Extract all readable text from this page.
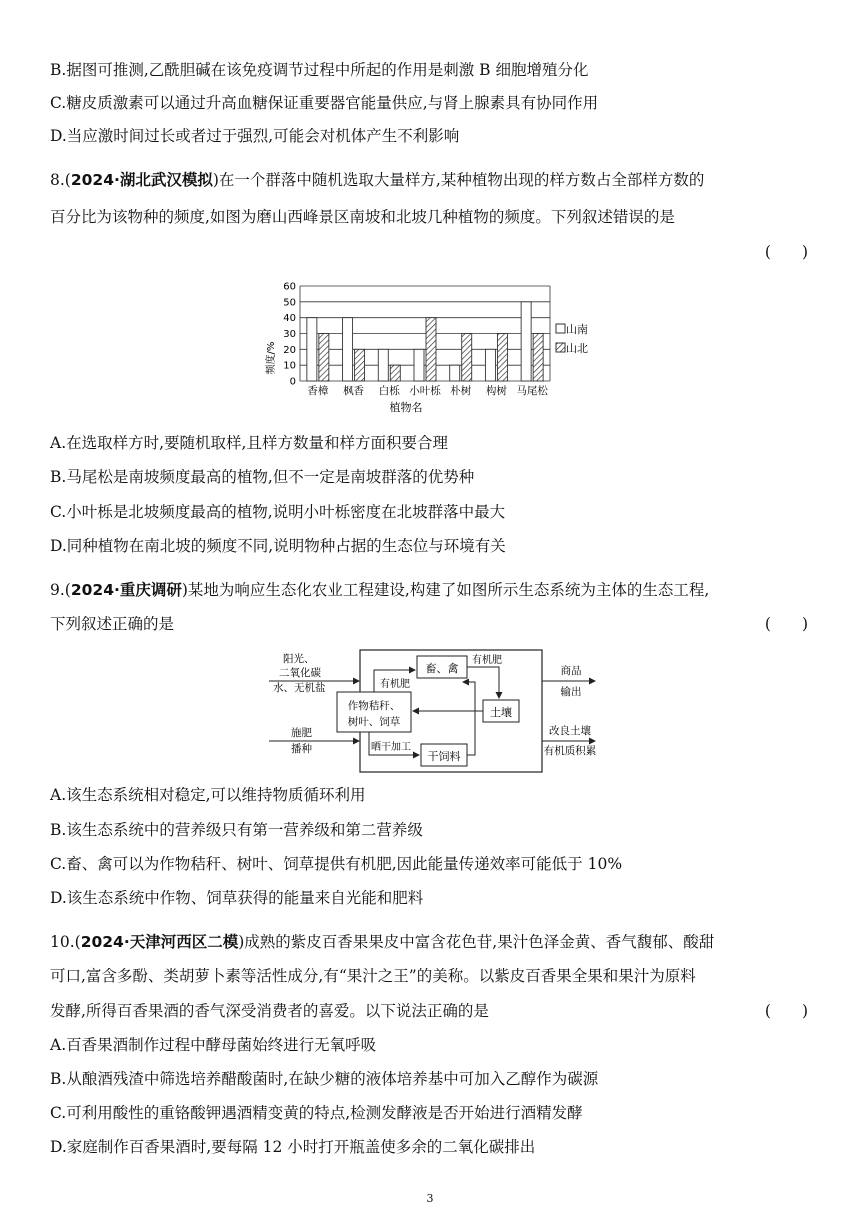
B.据图可推测,乙酰胆碱在该免疫调节过程中所起的作用是刺激 B 细胞增殖分化
C.糖皮质激素可以通过升高血糖保证重要器官能量供应,与肾上腺素具有协同作用
D.当应激时间过长或者过于强烈,可能会对机体产生不利影响
8.(2024·湖北武汉模拟)在一个群落中随机选取大量样方,某种植物出现的样方数占全部样方数的
百分比为该物种的频度,如图为磨山西峰景区南坡和北坡几种植物的频度。下列叙述错误的是
(　　)
频度/%
0
10
20
30
40
50
60
香樟 枫香 白栎 小叶栎 朴树 构树 马尾松
植物名
山南
山北
A.在选取样方时,要随机取样,且样方数量和样方面积要合理
B.马尾松是南坡频度最高的植物,但不一定是南坡群落的优势种
C.小叶栎是北坡频度最高的植物,说明小叶栎密度在北坡群落中最大
D.同种植物在南北坡的频度不同,说明物种占据的生态位与环境有关
9.(2024·重庆调研)某地为响应生态化农业工程建设,构建了如图所示生态系统为主体的生态工程,
下列叙述正确的是	(　　)
阳光、
二氧化碳
水、无机盐
施肥
播种
作物秸秆、
树叶、饲草
畜、禽
土壤
干饲料
有机肥
有机肥
晒干加工
商品
输出
改良土壤
有机质积累
A.该生态系统相对稳定,可以维持物质循环利用
B.该生态系统中的营养级只有第一营养级和第二营养级
C.畜、禽可以为作物秸秆、树叶、饲草提供有机肥,因此能量传递效率可能低于 10%
D.该生态系统中作物、饲草获得的能量来自光能和肥料
10.(2024·天津河西区二模)成熟的紫皮百香果果皮中富含花色苷,果汁色泽金黄、香气馥郁、酸甜
可口,富含多酚、类胡萝卜素等活性成分,有“果汁之王”的美称。以紫皮百香果全果和果汁为原料
发酵,所得百香果酒的香气深受消费者的喜爱。以下说法正确的是	(　　)
A.百香果酒制作过程中酵母菌始终进行无氧呼吸
B.从酿酒残渣中筛选培养醋酸菌时,在缺少糖的液体培养基中可加入乙醇作为碳源
C.可利用酸性的重铬酸钾遇酒精变黄的特点,检测发酵液是否开始进行酒精发酵
D.家庭制作百香果酒时,要每隔 12 小时打开瓶盖使多余的二氧化碳排出
3
